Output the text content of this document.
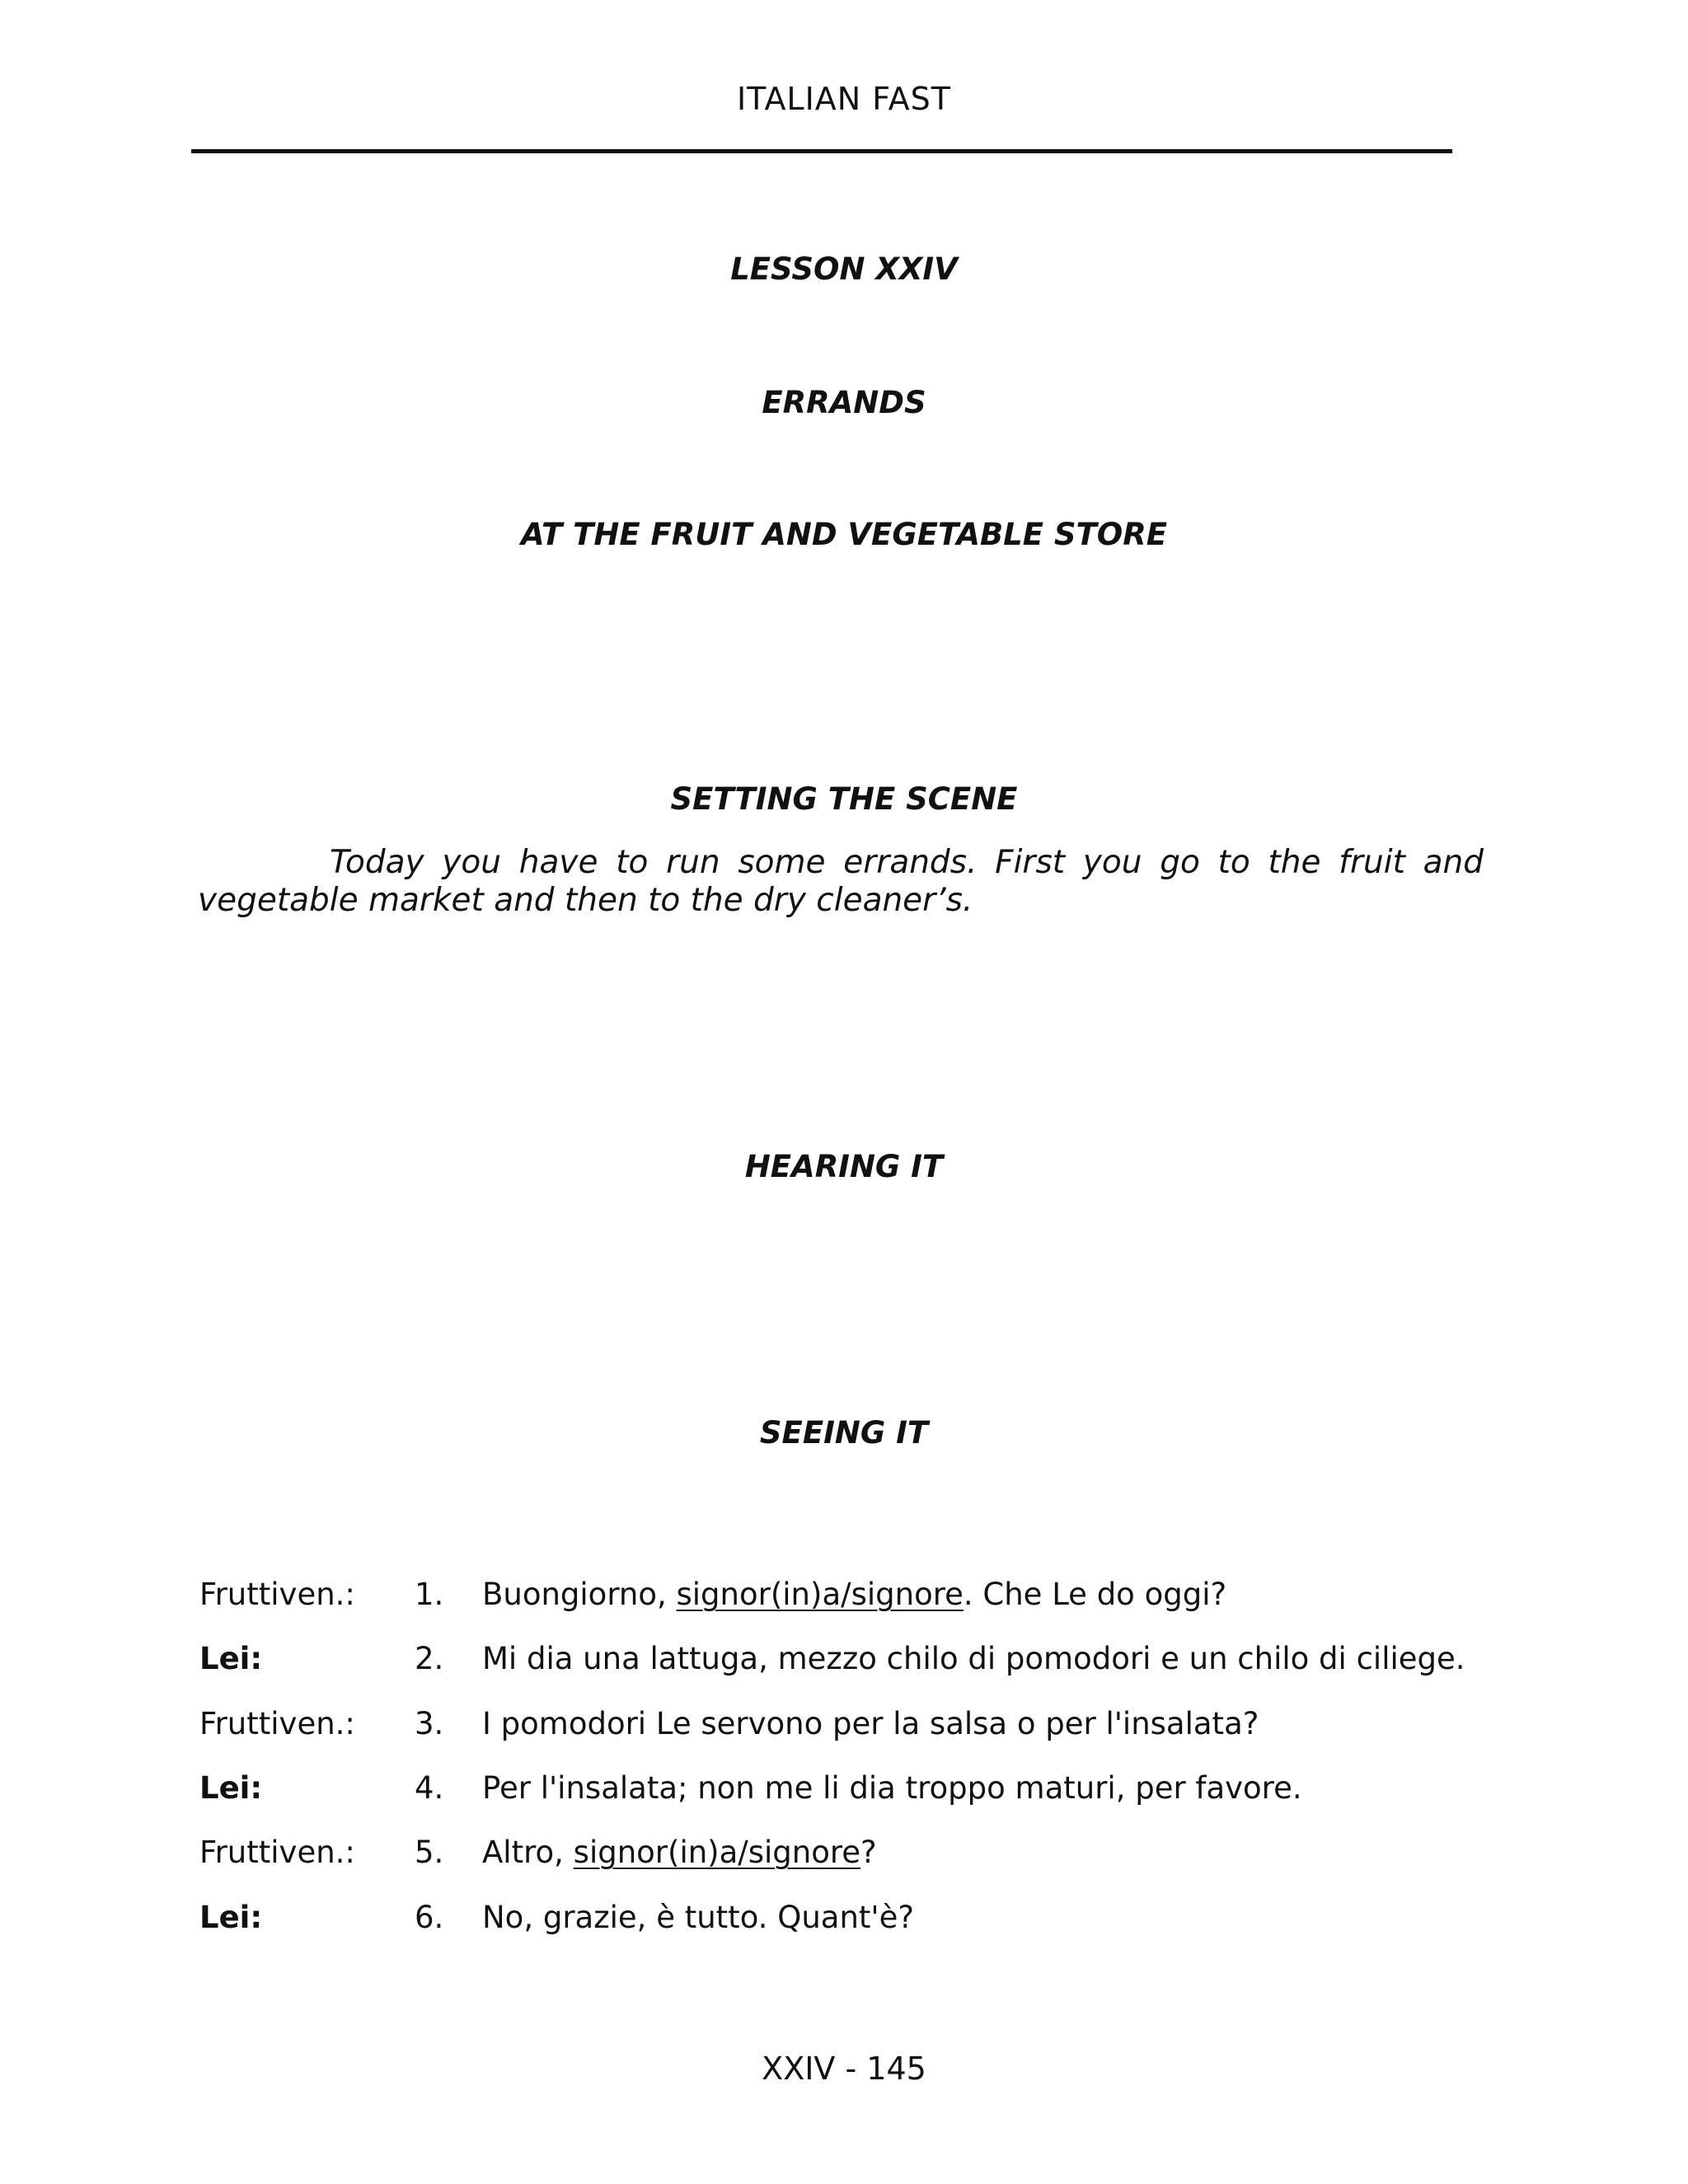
ITALIAN FAST
LESSON XXIV
ERRANDS
AT THE FRUIT AND VEGETABLE STORE
SETTING THE SCENE
Today you have to run some errands. First you go to the fruit and
vegetable market and then to the dry cleaner’s.
HEARING IT
SEEING IT
Fruttiven.: 1. Buongiorno, signor(in)a/signore. Che Le do oggi?
Lei:	2. Mi dia una lattuga, mezzo chilo di pomodori e un chilo di ciliege.
Fruttiven.: 3. I pomodori Le servono per la salsa o per l'insalata?
Lei:	4. Per l'insalata; non me li dia troppo maturi, per favore.
Fruttiven.: 5. Altro, signor(in)a/signore?
Lei:	6. No, grazie, è tutto. Quant'è?
XXIV - 145
